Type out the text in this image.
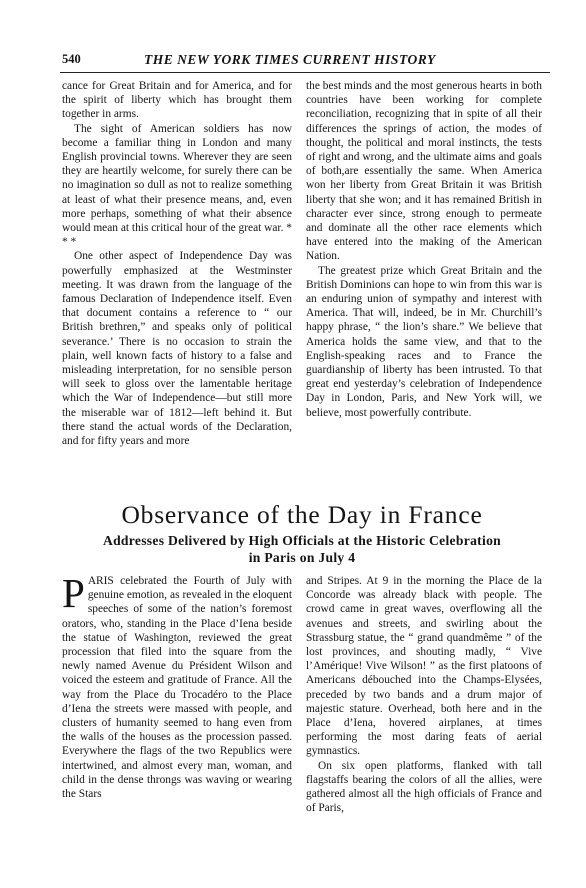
540	THE NEW YORK TIMES CURRENT HISTORY

cance for Great Britain and for America, and for the spirit of liberty which has brought them together in arms.

The sight of American soldiers has now become a familiar thing in London and many English provincial towns. Wherever they are seen they are heartily welcome, for surely there can be no imagination so dull as not to realize something at least of what their presence means, and, even more perhaps, something of what their absence would mean at this critical hour of the great war. * * *

One other aspect of Independence Day was powerfully emphasized at the Westminster meeting. It was drawn from the language of the famous Declaration of Independence itself. Even that document contains a reference to “ our British brethren,” and speaks only of political severance.’ There is no occasion to strain the plain, well known facts of history to a false and misleading interpretation, for no sensible person will seek to gloss over the lamentable heritage which the War of Independence—but still more the miserable war of 1812—left behind it. But there stand the actual words of the Declaration, and for fifty years and more

the best minds and the most generous hearts in both countries have been working for complete reconciliation, recognizing that in spite of all their differences the springs of action, the modes of thought, the political and moral instincts, the tests of right and wrong, and the ultimate aims and goals of both,are essentially the same. When America won her liberty from Great Britain it was British liberty that she won; and it has remained British in character ever since, strong enough to permeate and dominate all the other race elements which have entered into the making of the American Nation.

The greatest prize which Great Britain and the British Dominions can hope to win from this war is an enduring union of sympathy and interest with America. That will, indeed, be in Mr. Churchill’s happy phrase, “ the lion’s share.” We believe that America holds the same view, and that to the English-speaking races and to France the guardianship of liberty has been intrusted. To that great end yesterday’s celebration of Independence Day in London, Paris, and New York will, we believe, most powerfully contribute.

Observance of the Day in France
Addresses Delivered by High Officials at the Historic Celebration
in Paris on July 4

PARIS celebrated the Fourth of July with genuine emotion, as revealed in the eloquent speeches of some of the nation’s foremost orators, who, standing in the Place d’Iena beside the statue of Washington, reviewed the great procession that filed into the square from the newly named Avenue du Président Wilson and voiced the esteem and gratitude of France. All the way from the Place du Trocadéro to the Place d’Iena the streets were massed with people, and clusters of humanity seemed to hang even from the walls of the houses as the procession passed. Everywhere the flags of the two Republics were intertwined, and almost every man, woman, and child in the dense throngs was waving or wearing the Stars

and Stripes. At 9 in the morning the Place de la Concorde was already black with people. The crowd came in great waves, overflowing all the avenues and streets, and swirling about the Strassburg statue, the “ grand quandmême ” of the lost provinces, and shouting madly, “ Vive l’Amérique! Vive Wilson! ” as the first platoons of Americans débouched into the Champs-Elysées, preceded by two bands and a drum major of majestic stature. Overhead, both here and in the Place d’Iena, hovered airplanes, at times performing the most daring feats of aerial gymnastics.

On six open platforms, flanked with tall flagstaffs bearing the colors of all the allies, were gathered almost all the high officials of France and of Paris,
